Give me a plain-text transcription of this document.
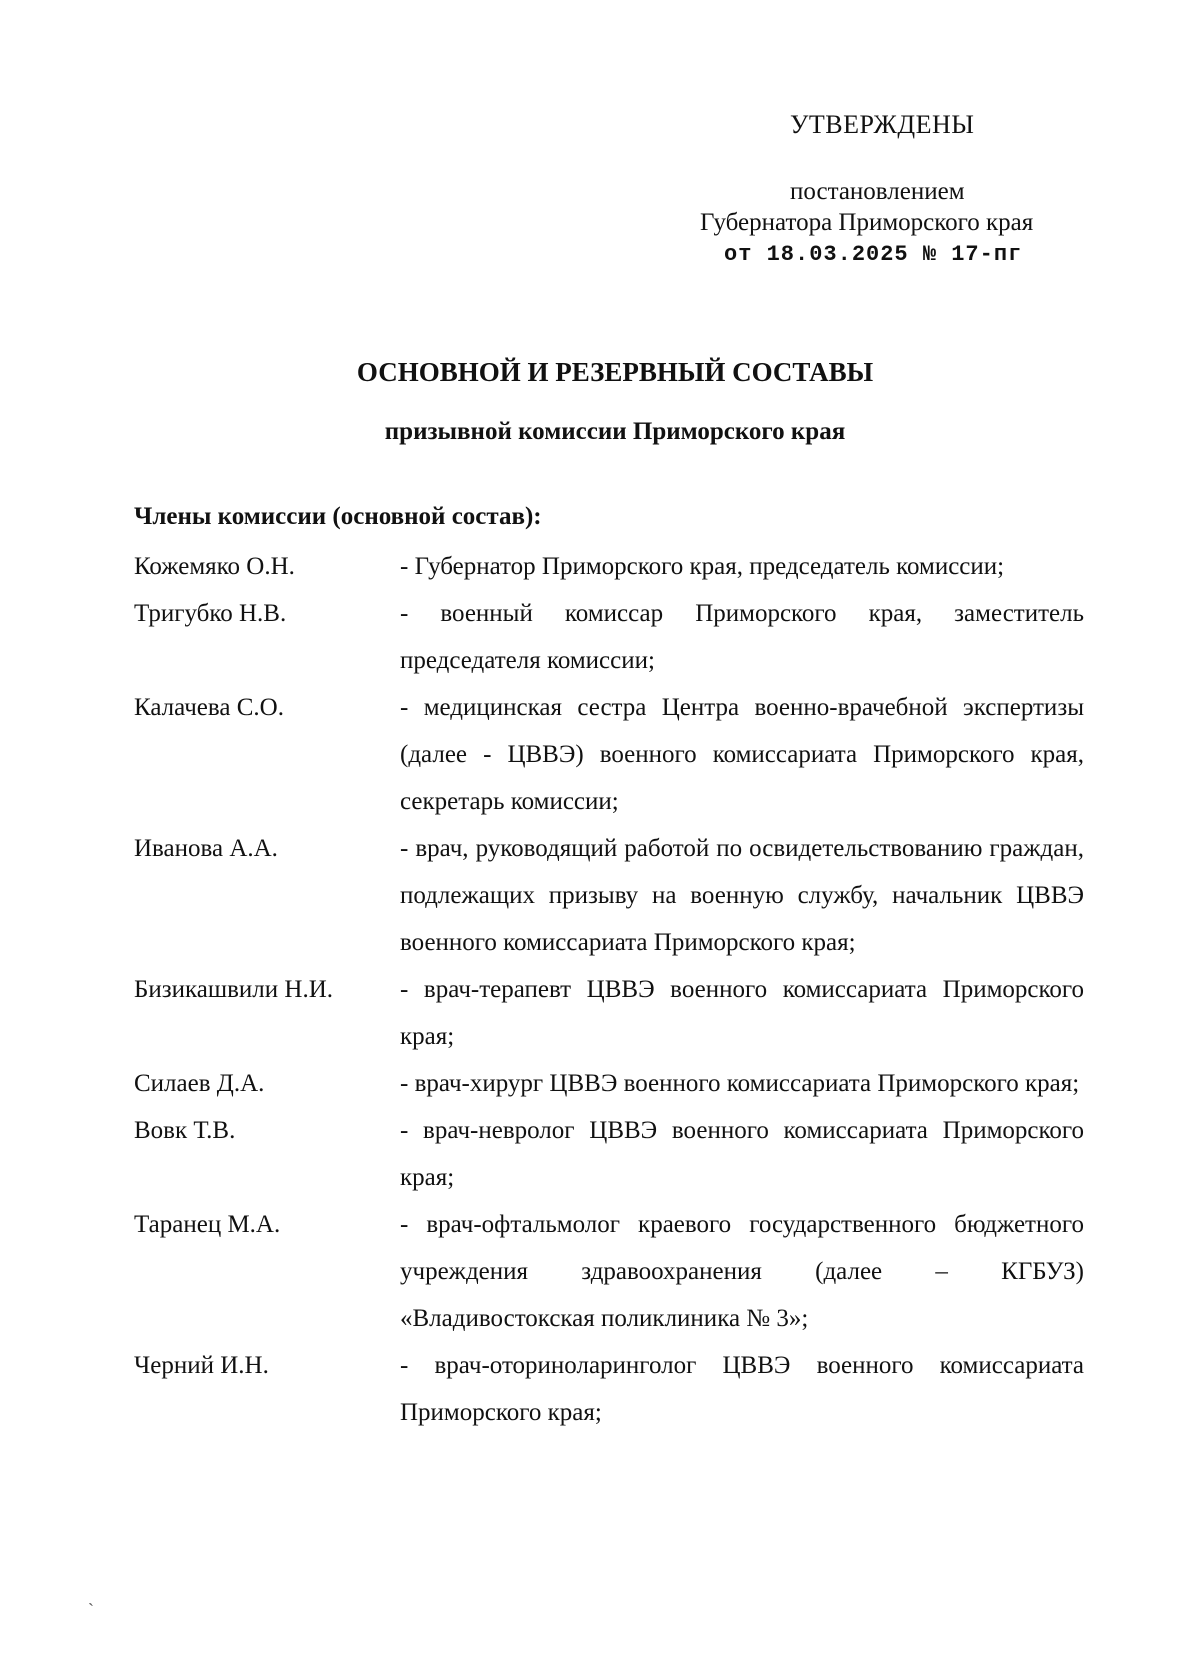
УТВЕРЖДЕНЫ
постановлением
Губернатора Приморского края
от 18.03.2025 № 17-пг
ОСНОВНОЙ И РЕЗЕРВНЫЙ СОСТАВЫ
призывной комиссии Приморского края
Члены комиссии (основной состав):
Кожемяко О.Н.	- Губернатор Приморского края, председатель комиссии;
Тригубко Н.В.	- военный комиссар Приморского края, заместитель председателя комиссии;
Калачева С.О.	- медицинская сестра Центра военно-врачебной экспертизы (далее - ЦВВЭ) военного комиссариата Приморского края, секретарь комиссии;
Иванова А.А.	- врач, руководящий работой по освидетельствованию граждан, подлежащих призыву на военную службу, начальник ЦВВЭ военного комиссариата Приморского края;
Бизикашвили Н.И.	- врач-терапевт ЦВВЭ военного комиссариата Приморского края;
Силаев Д.А.	- врач-хирург ЦВВЭ военного комиссариата Приморского края;
Вовк Т.В.	- врач-невролог ЦВВЭ военного комиссариата Приморского края;
Таранец М.А.	- врач-офтальмолог краевого государственного бюджетного учреждения здравоохранения (далее – КГБУЗ) «Владивостокская поликлиника № 3»;
Черний И.Н.	- врач-оториноларинголог ЦВВЭ военного комиссариата Приморского края;
ˋ
